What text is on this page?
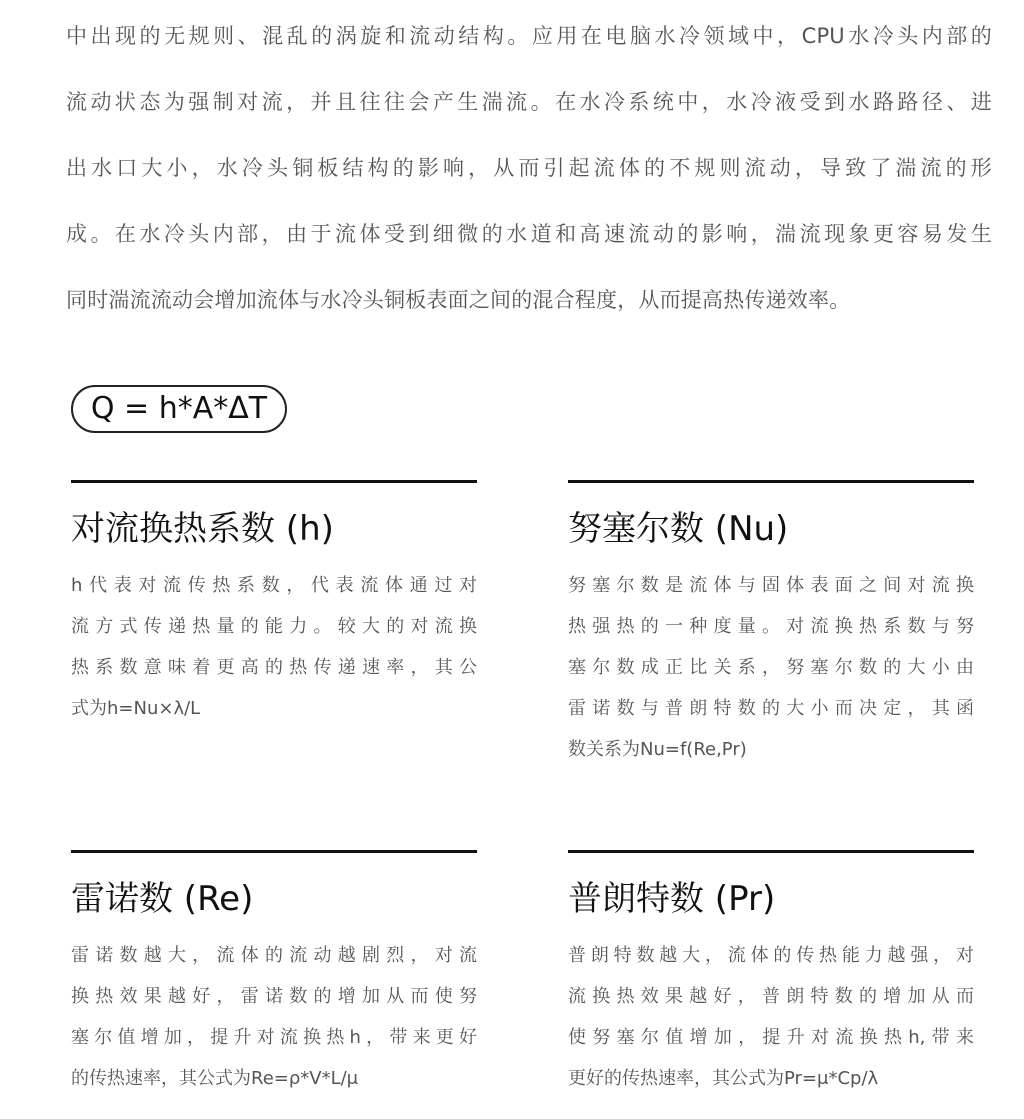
中出现的无规则、混乱的涡旋和流动结构。应用在电脑水冷领域中，CPU水冷头内部的
流动状态为强制对流，并且往往会产生湍流。在水冷系统中，水冷液受到水路路径、进
出水口大小，水冷头铜板结构的影响，从而引起流体的不规则流动，导致了湍流的形
成。在水冷头内部，由于流体受到细微的水道和高速流动的影响，湍流现象更容易发生
同时湍流流动会增加流体与水冷头铜板表面之间的混合程度，从而提高热传递效率。
Q = h*A*ΔT
对流换热系数 (h)
h代表对流传热系数，代表流体通过对
流方式传递热量的能力。较大的对流换
热系数意味着更高的热传递速率，其公
式为h=Nu×λ/L
努塞尔数 (Nu)
努塞尔数是流体与固体表面之间对流换
热强热的一种度量。对流换热系数与努
塞尔数成正比关系，努塞尔数的大小由
雷诺数与普朗特数的大小而决定，其函
数关系为Nu=f(Re,Pr)
雷诺数 (Re)
雷诺数越大，流体的流动越剧烈，对流
换热效果越好，雷诺数的增加从而使努
塞尔值增加，提升对流换热h，带来更好
的传热速率，其公式为Re=ρ*V*L/μ
普朗特数 (Pr)
普朗特数越大，流体的传热能力越强，对
流换热效果越好，普朗特数的增加从而
使努塞尔值增加，提升对流换热h,带来
更好的传热速率，其公式为Pr=μ*Cp/λ
